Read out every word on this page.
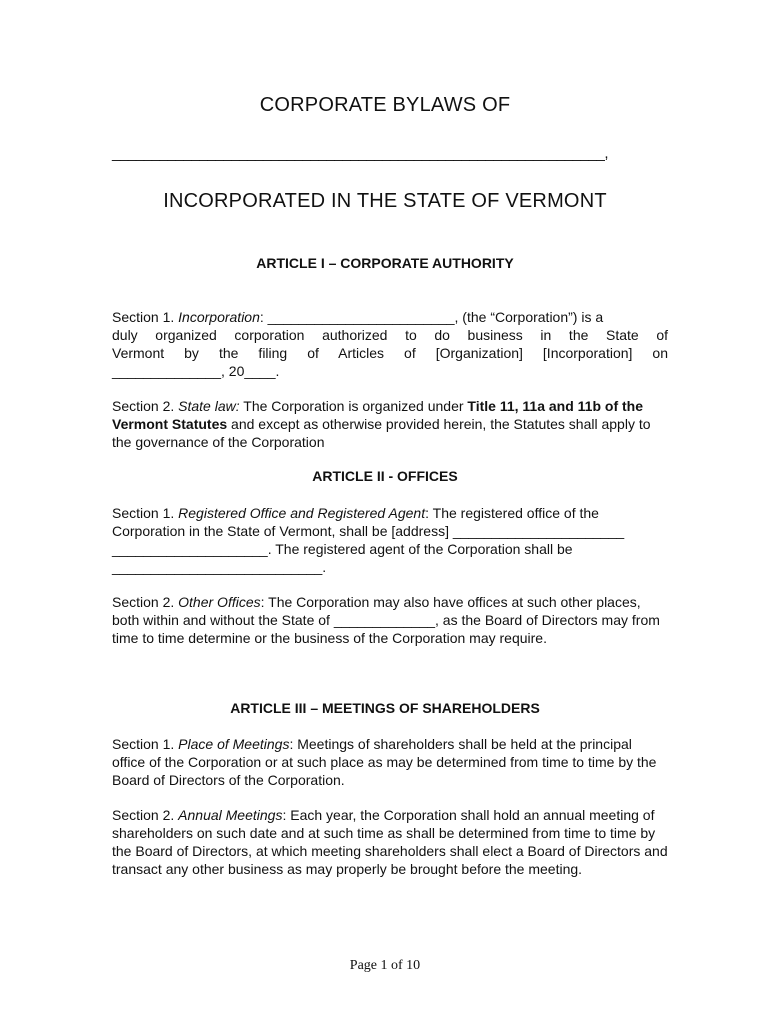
CORPORATE BYLAWS OF
______________________________________________________________,
INCORPORATED IN THE STATE OF VERMONT
ARTICLE I – CORPORATE AUTHORITY
Section 1. Incorporation: ________________________, (the “Corporation”) is a
duly organized corporation authorized to do business in the State of
Vermont by the filing of Articles of [Organization] [Incorporation] on
______________, 20____.
Section 2. State law: The Corporation is organized under Title 11, 11a and 11b of the Vermont Statutes and except as otherwise provided herein, the Statutes shall apply to the governance of the Corporation
ARTICLE II - OFFICES
Section 1. Registered Office and Registered Agent: The registered office of the Corporation in the State of Vermont, shall be [address] ______________________ ____________________. The registered agent of the Corporation shall be ___________________________.
Section 2. Other Offices: The Corporation may also have offices at such other places, both within and without the State of _____________, as the Board of Directors may from time to time determine or the business of the Corporation may require.
ARTICLE III – MEETINGS OF SHAREHOLDERS
Section 1. Place of Meetings: Meetings of shareholders shall be held at the principal office of the Corporation or at such place as may be determined from time to time by the Board of Directors of the Corporation.
Section 2. Annual Meetings: Each year, the Corporation shall hold an annual meeting of shareholders on such date and at such time as shall be determined from time to time by the Board of Directors, at which meeting shareholders shall elect a Board of Directors and transact any other business as may properly be brought before the meeting.
Page 1 of 10
